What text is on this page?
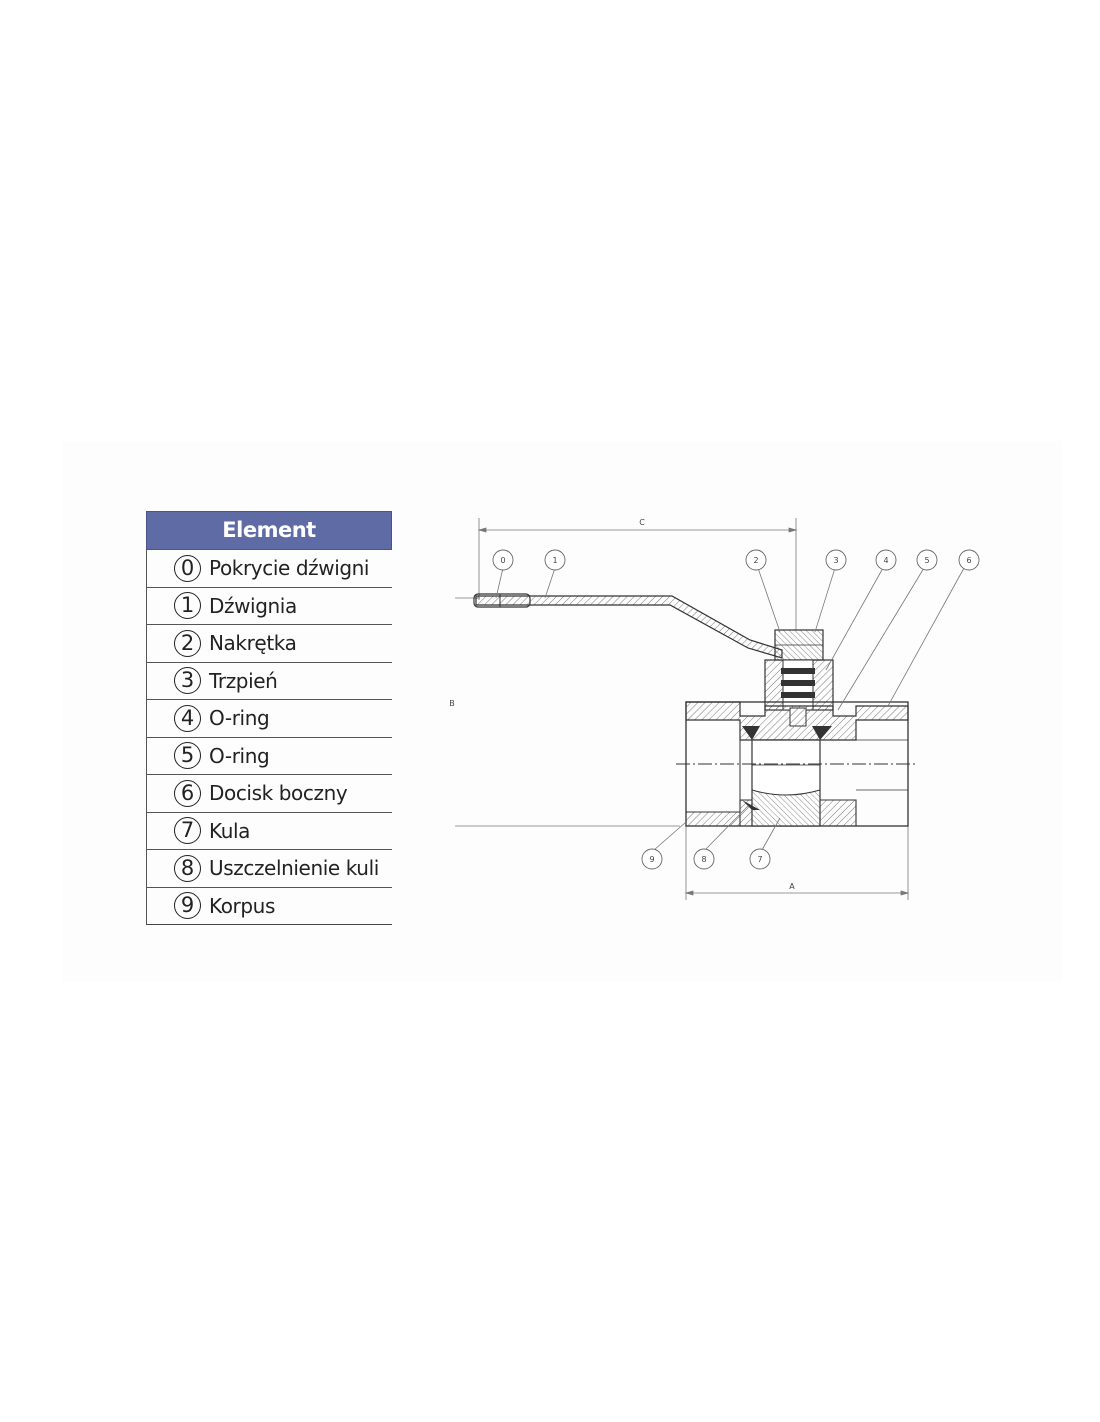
Element
0 Pokrycie dźwigni
1 Dźwignia
2 Nakrętka
3 Trzpień
4 O-ring
5 O-ring
6 Docisk boczny
7 Kula
8 Uszczelnienie kuli
9 Korpus
C
B
A
0	1	2	3	4	5	6
9	8	7
